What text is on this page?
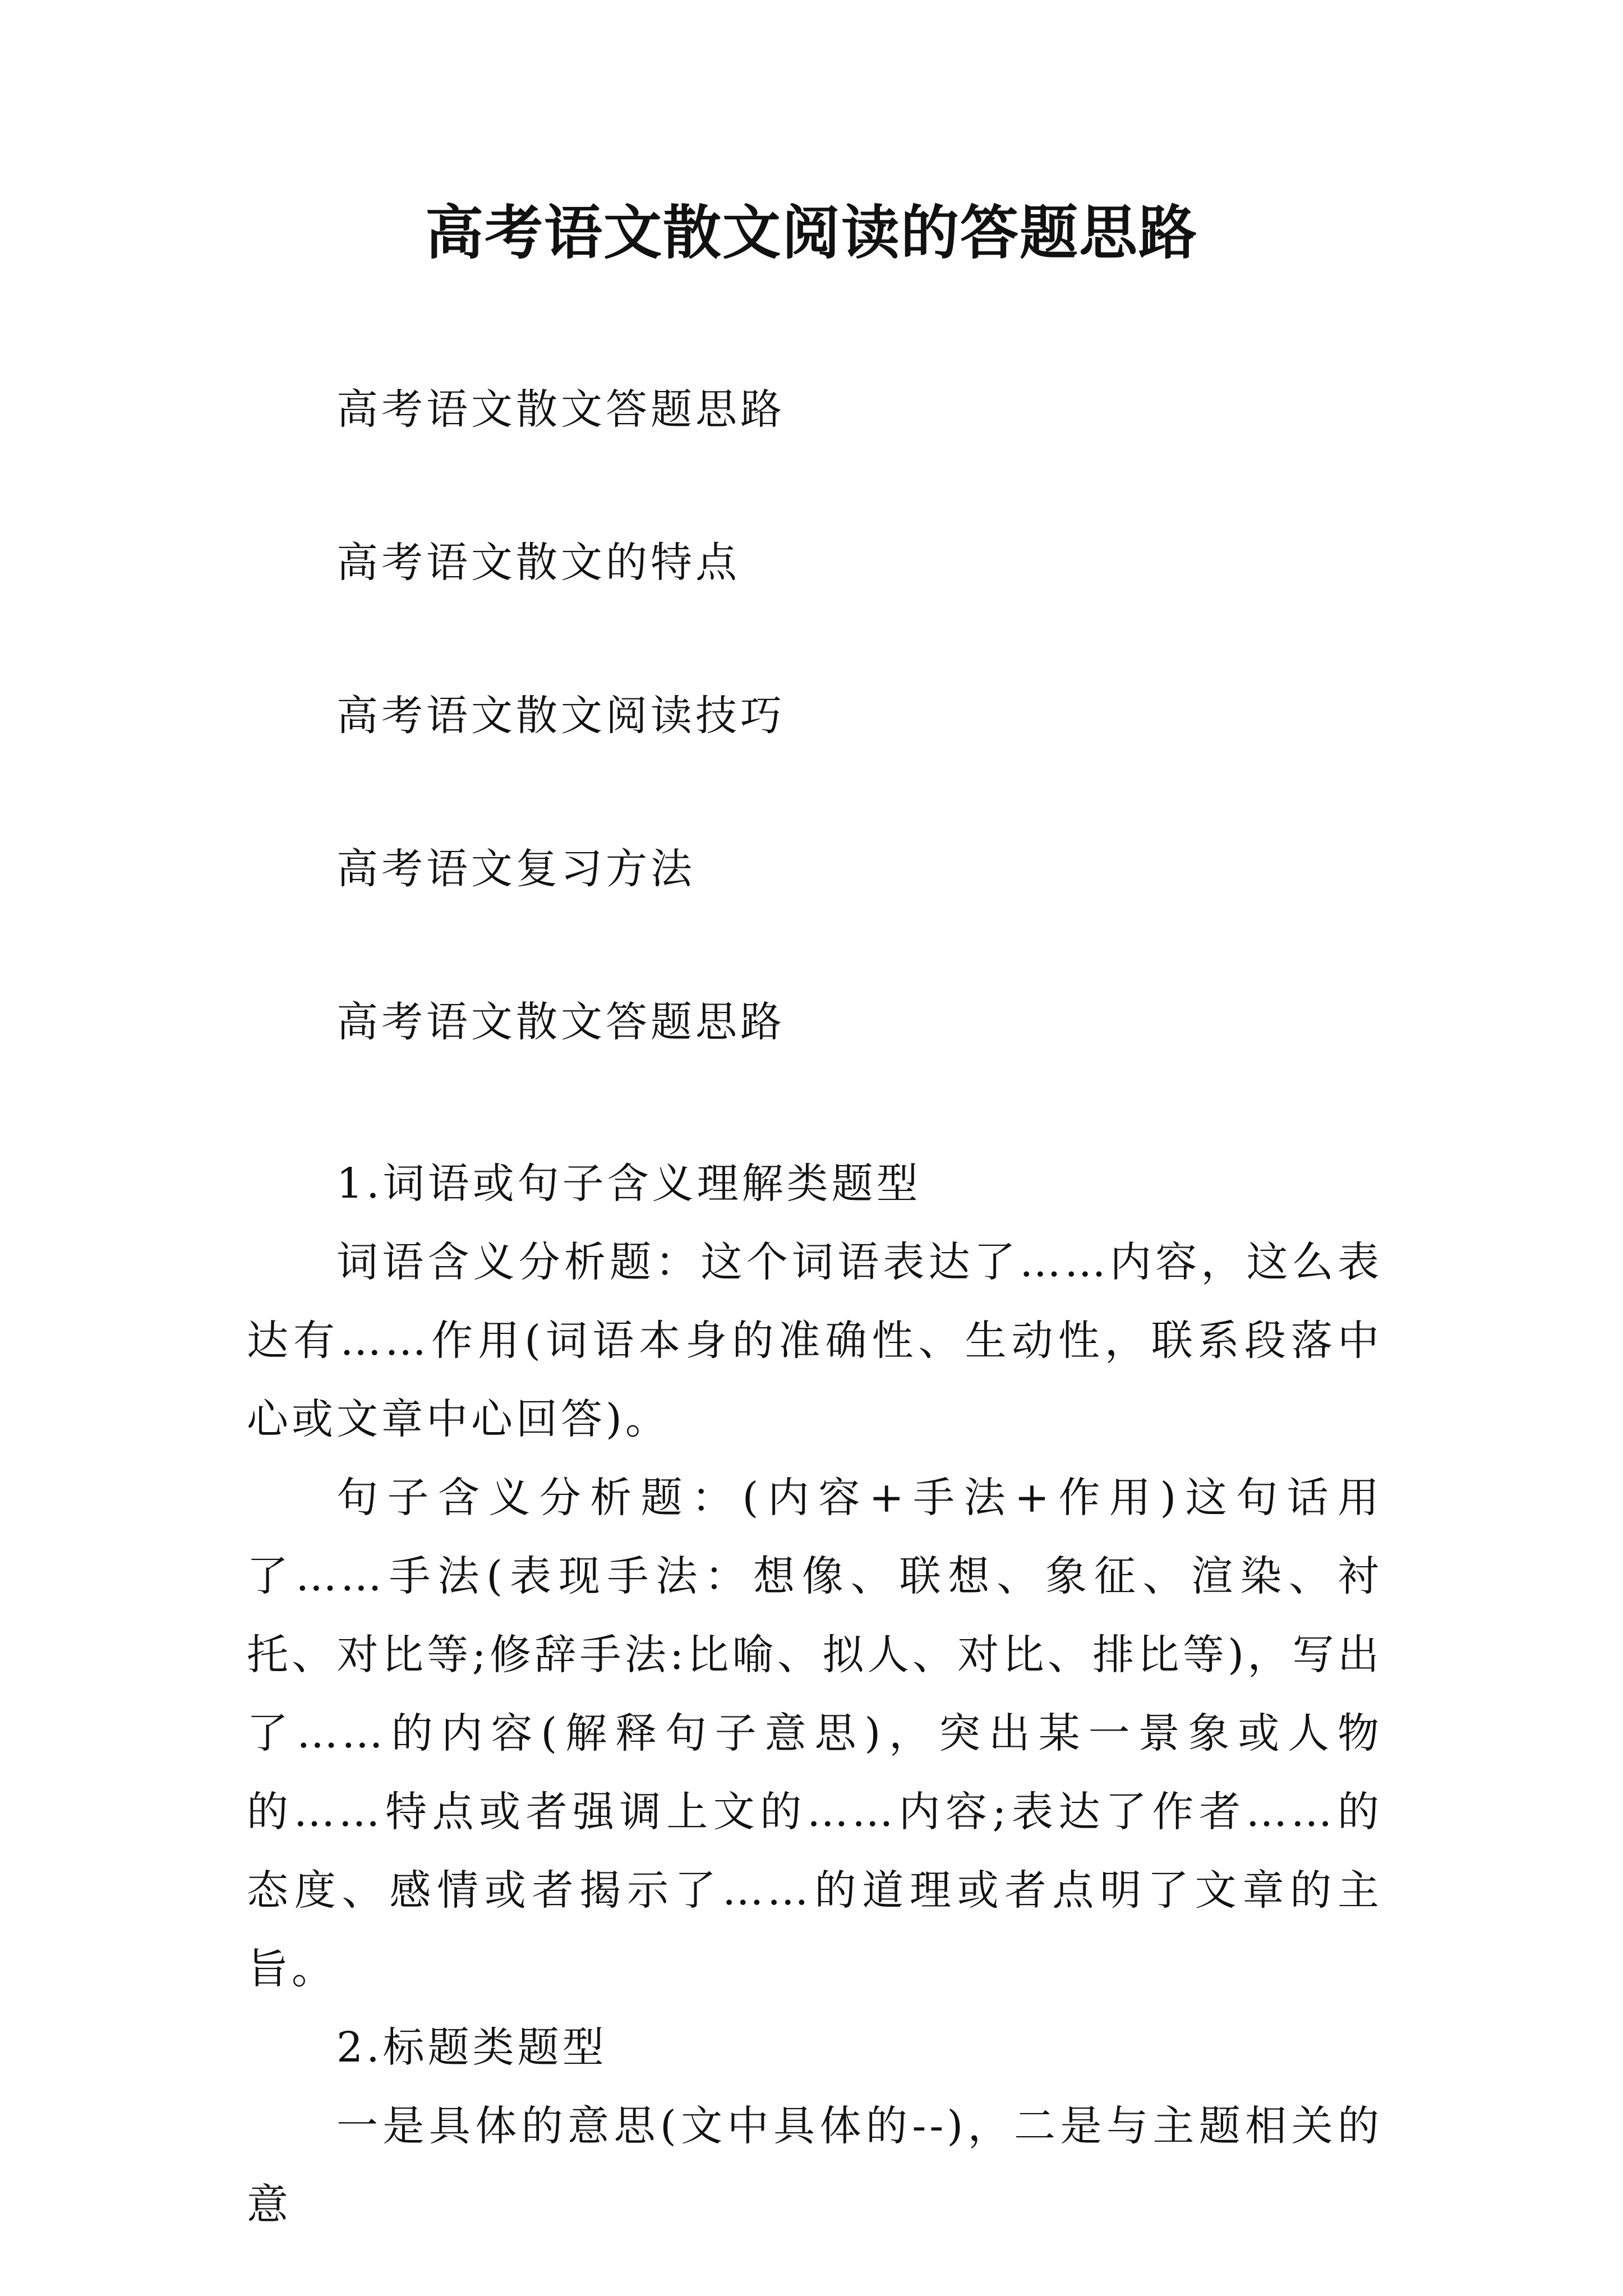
高考语文散文阅读的答题思路

高考语文散文答题思路

高考语文散文的特点

高考语文散文阅读技巧

高考语文复习方法

高考语文散文答题思路

1.词语或句子含义理解类题型

词语含义分析题：这个词语表达了……内容，这么表达有……作用(词语本身的准确性、生动性，联系段落中心或文章中心回答)。

句子含义分析题：(内容+手法+作用)这句话用了……手法(表现手法：想像、联想、象征、渲染、衬托、对比等;修辞手法:比喻、拟人、对比、排比等)，写出了……的内容(解释句子意思)，突出某一景象或人物的……特点或者强调上文的……内容;表达了作者……的态度、感情或者揭示了……的道理或者点明了文章的主旨。

2.标题类题型

一是具体的意思(文中具体的--)，二是与主题相关的意
